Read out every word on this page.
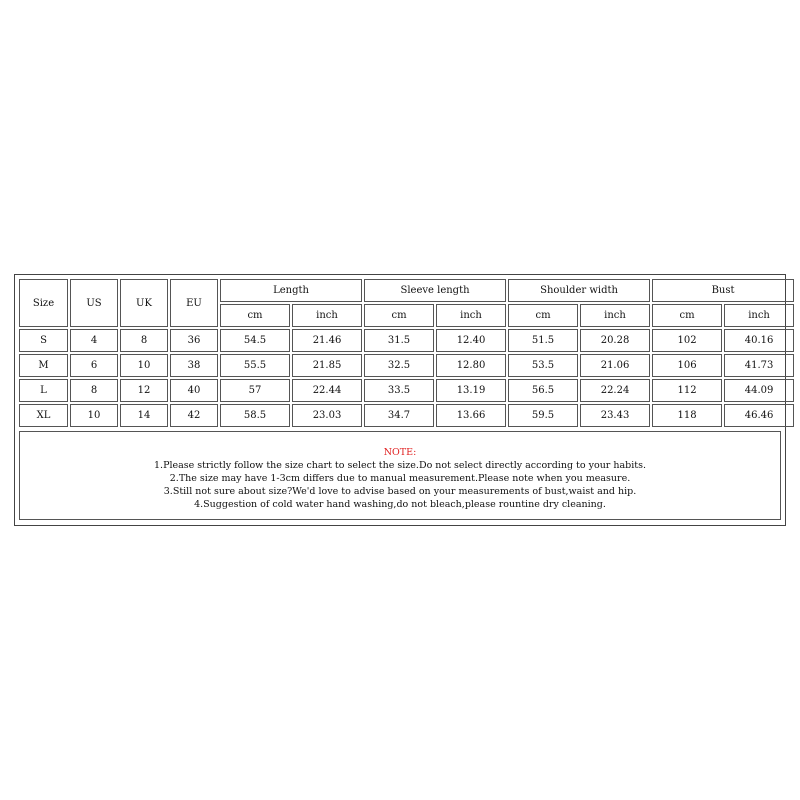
Size	US	UK	EU	Length		Sleeve length		Shoulder width		Bust	
				cm	inch	cm	inch	cm	inch	cm	inch
S	4	8	36	54.5	21.46	31.5	12.40	51.5	20.28	102	40.16
M	6	10	38	55.5	21.85	32.5	12.80	53.5	21.06	106	41.73
L	8	12	40	57	22.44	33.5	13.19	56.5	22.24	112	44.09
XL	10	14	42	58.5	23.03	34.7	13.66	59.5	23.43	118	46.46
NOTE:
1.Please strictly follow the size chart to select the size.Do not select directly according to your habits.
2.The size may have 1-3cm differs due to manual measurement.Please note when you measure.
3.Still not sure about size?We'd love to advise based on your measurements of bust,waist and hip.
4.Suggestion of cold water hand washing,do not bleach,please rountine dry cleaning.
